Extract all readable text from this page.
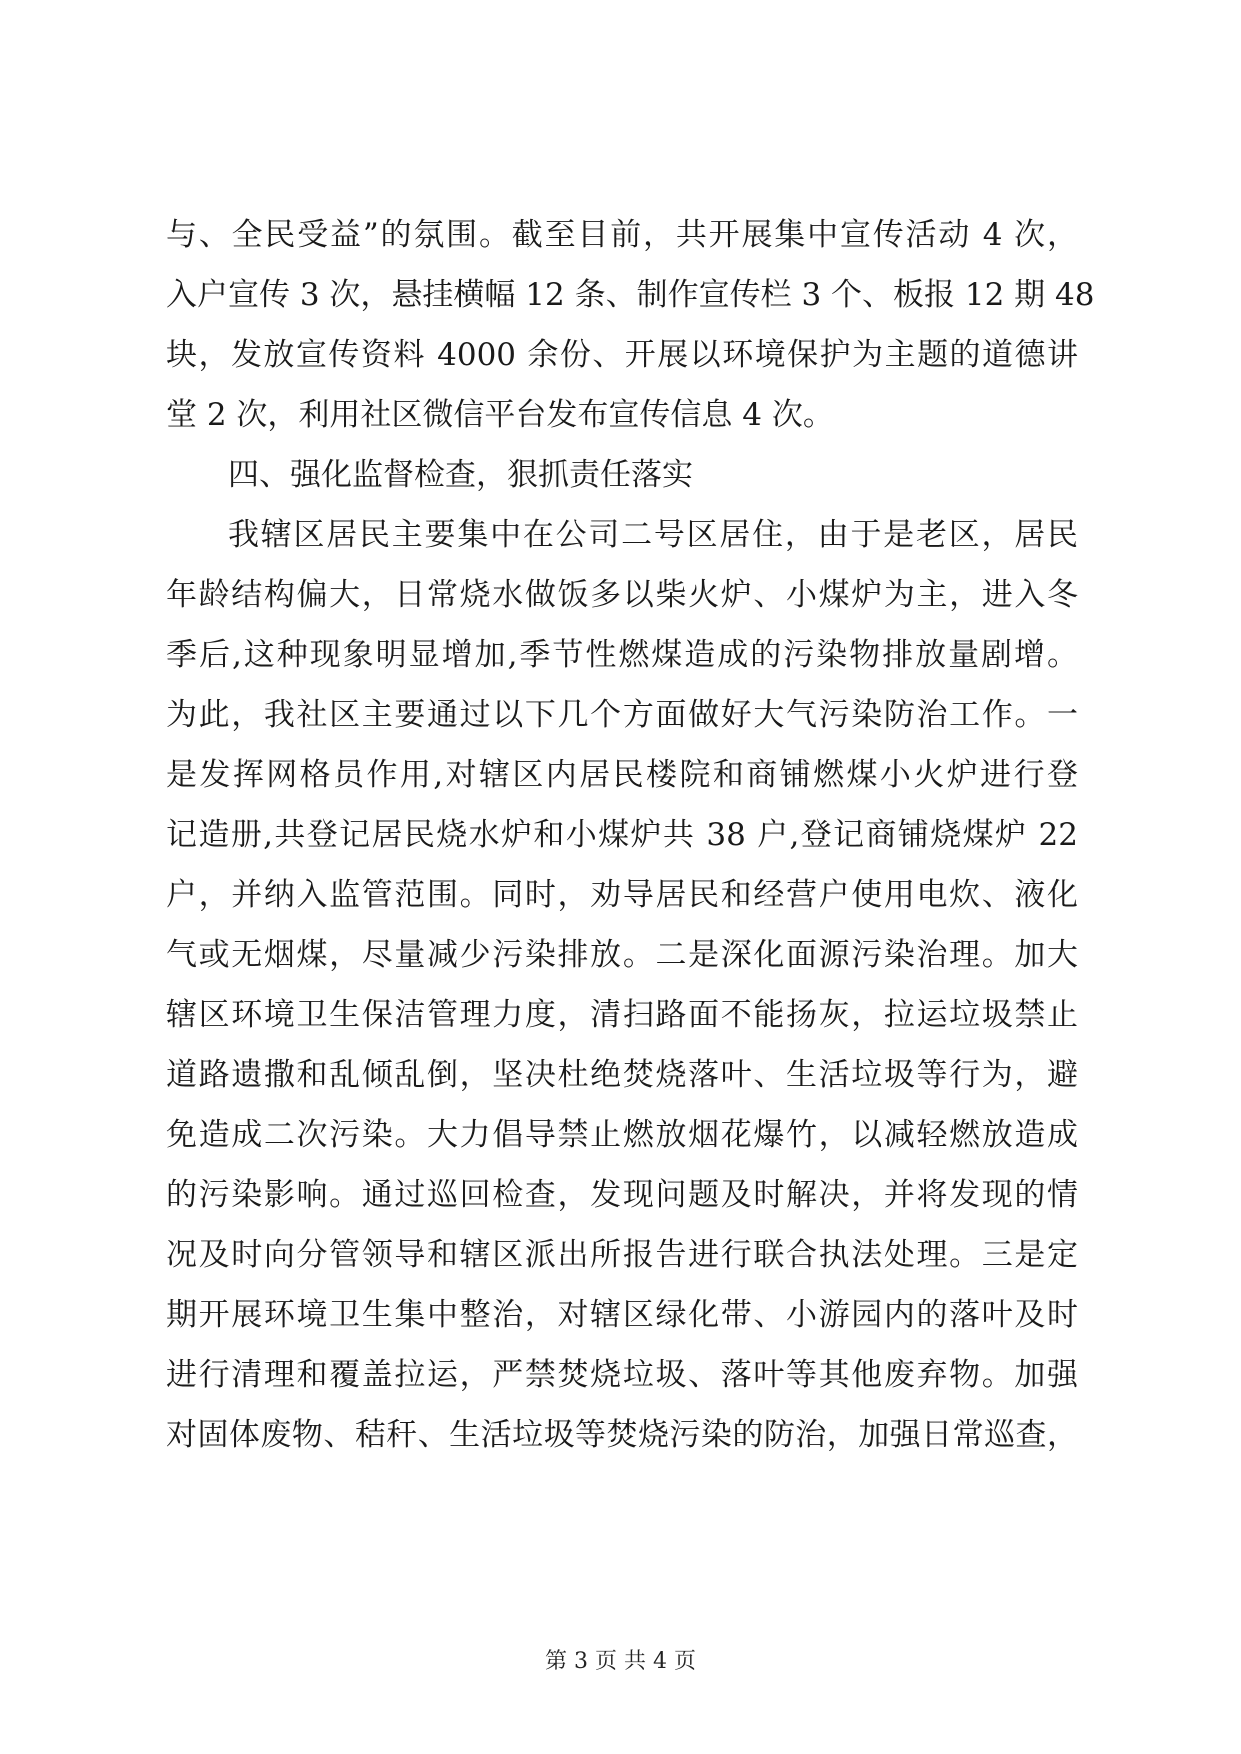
与、全民受益”的氛围。截至目前，共开展集中宣传活动 4 次，
入户宣传 3 次，悬挂横幅 12 条、制作宣传栏 3 个、板报 12 期 48
块，发放宣传资料 4000 余份、开展以环境保护为主题的道德讲
堂 2 次，利用社区微信平台发布宣传信息 4 次。
四、强化监督检查，狠抓责任落实
我辖区居民主要集中在公司二号区居住，由于是老区，居民
年龄结构偏大，日常烧水做饭多以柴火炉、小煤炉为主，进入冬
季后,这种现象明显增加,季节性燃煤造成的污染物排放量剧增。
为此，我社区主要通过以下几个方面做好大气污染防治工作。一
是发挥网格员作用,对辖区内居民楼院和商铺燃煤小火炉进行登
记造册,共登记居民烧水炉和小煤炉共 38 户,登记商铺烧煤炉 22
户，并纳入监管范围。同时，劝导居民和经营户使用电炊、液化
气或无烟煤，尽量减少污染排放。二是深化面源污染治理。加大
辖区环境卫生保洁管理力度，清扫路面不能扬灰，拉运垃圾禁止
道路遗撒和乱倾乱倒，坚决杜绝焚烧落叶、生活垃圾等行为，避
免造成二次污染。大力倡导禁止燃放烟花爆竹，以减轻燃放造成
的污染影响。通过巡回检查，发现问题及时解决，并将发现的情
况及时向分管领导和辖区派出所报告进行联合执法处理。三是定
期开展环境卫生集中整治，对辖区绿化带、小游园内的落叶及时
进行清理和覆盖拉运，严禁焚烧垃圾、落叶等其他废弃物。加强
对固体废物、秸秆、生活垃圾等焚烧污染的防治，加强日常巡查，
第 3 页 共 4 页
